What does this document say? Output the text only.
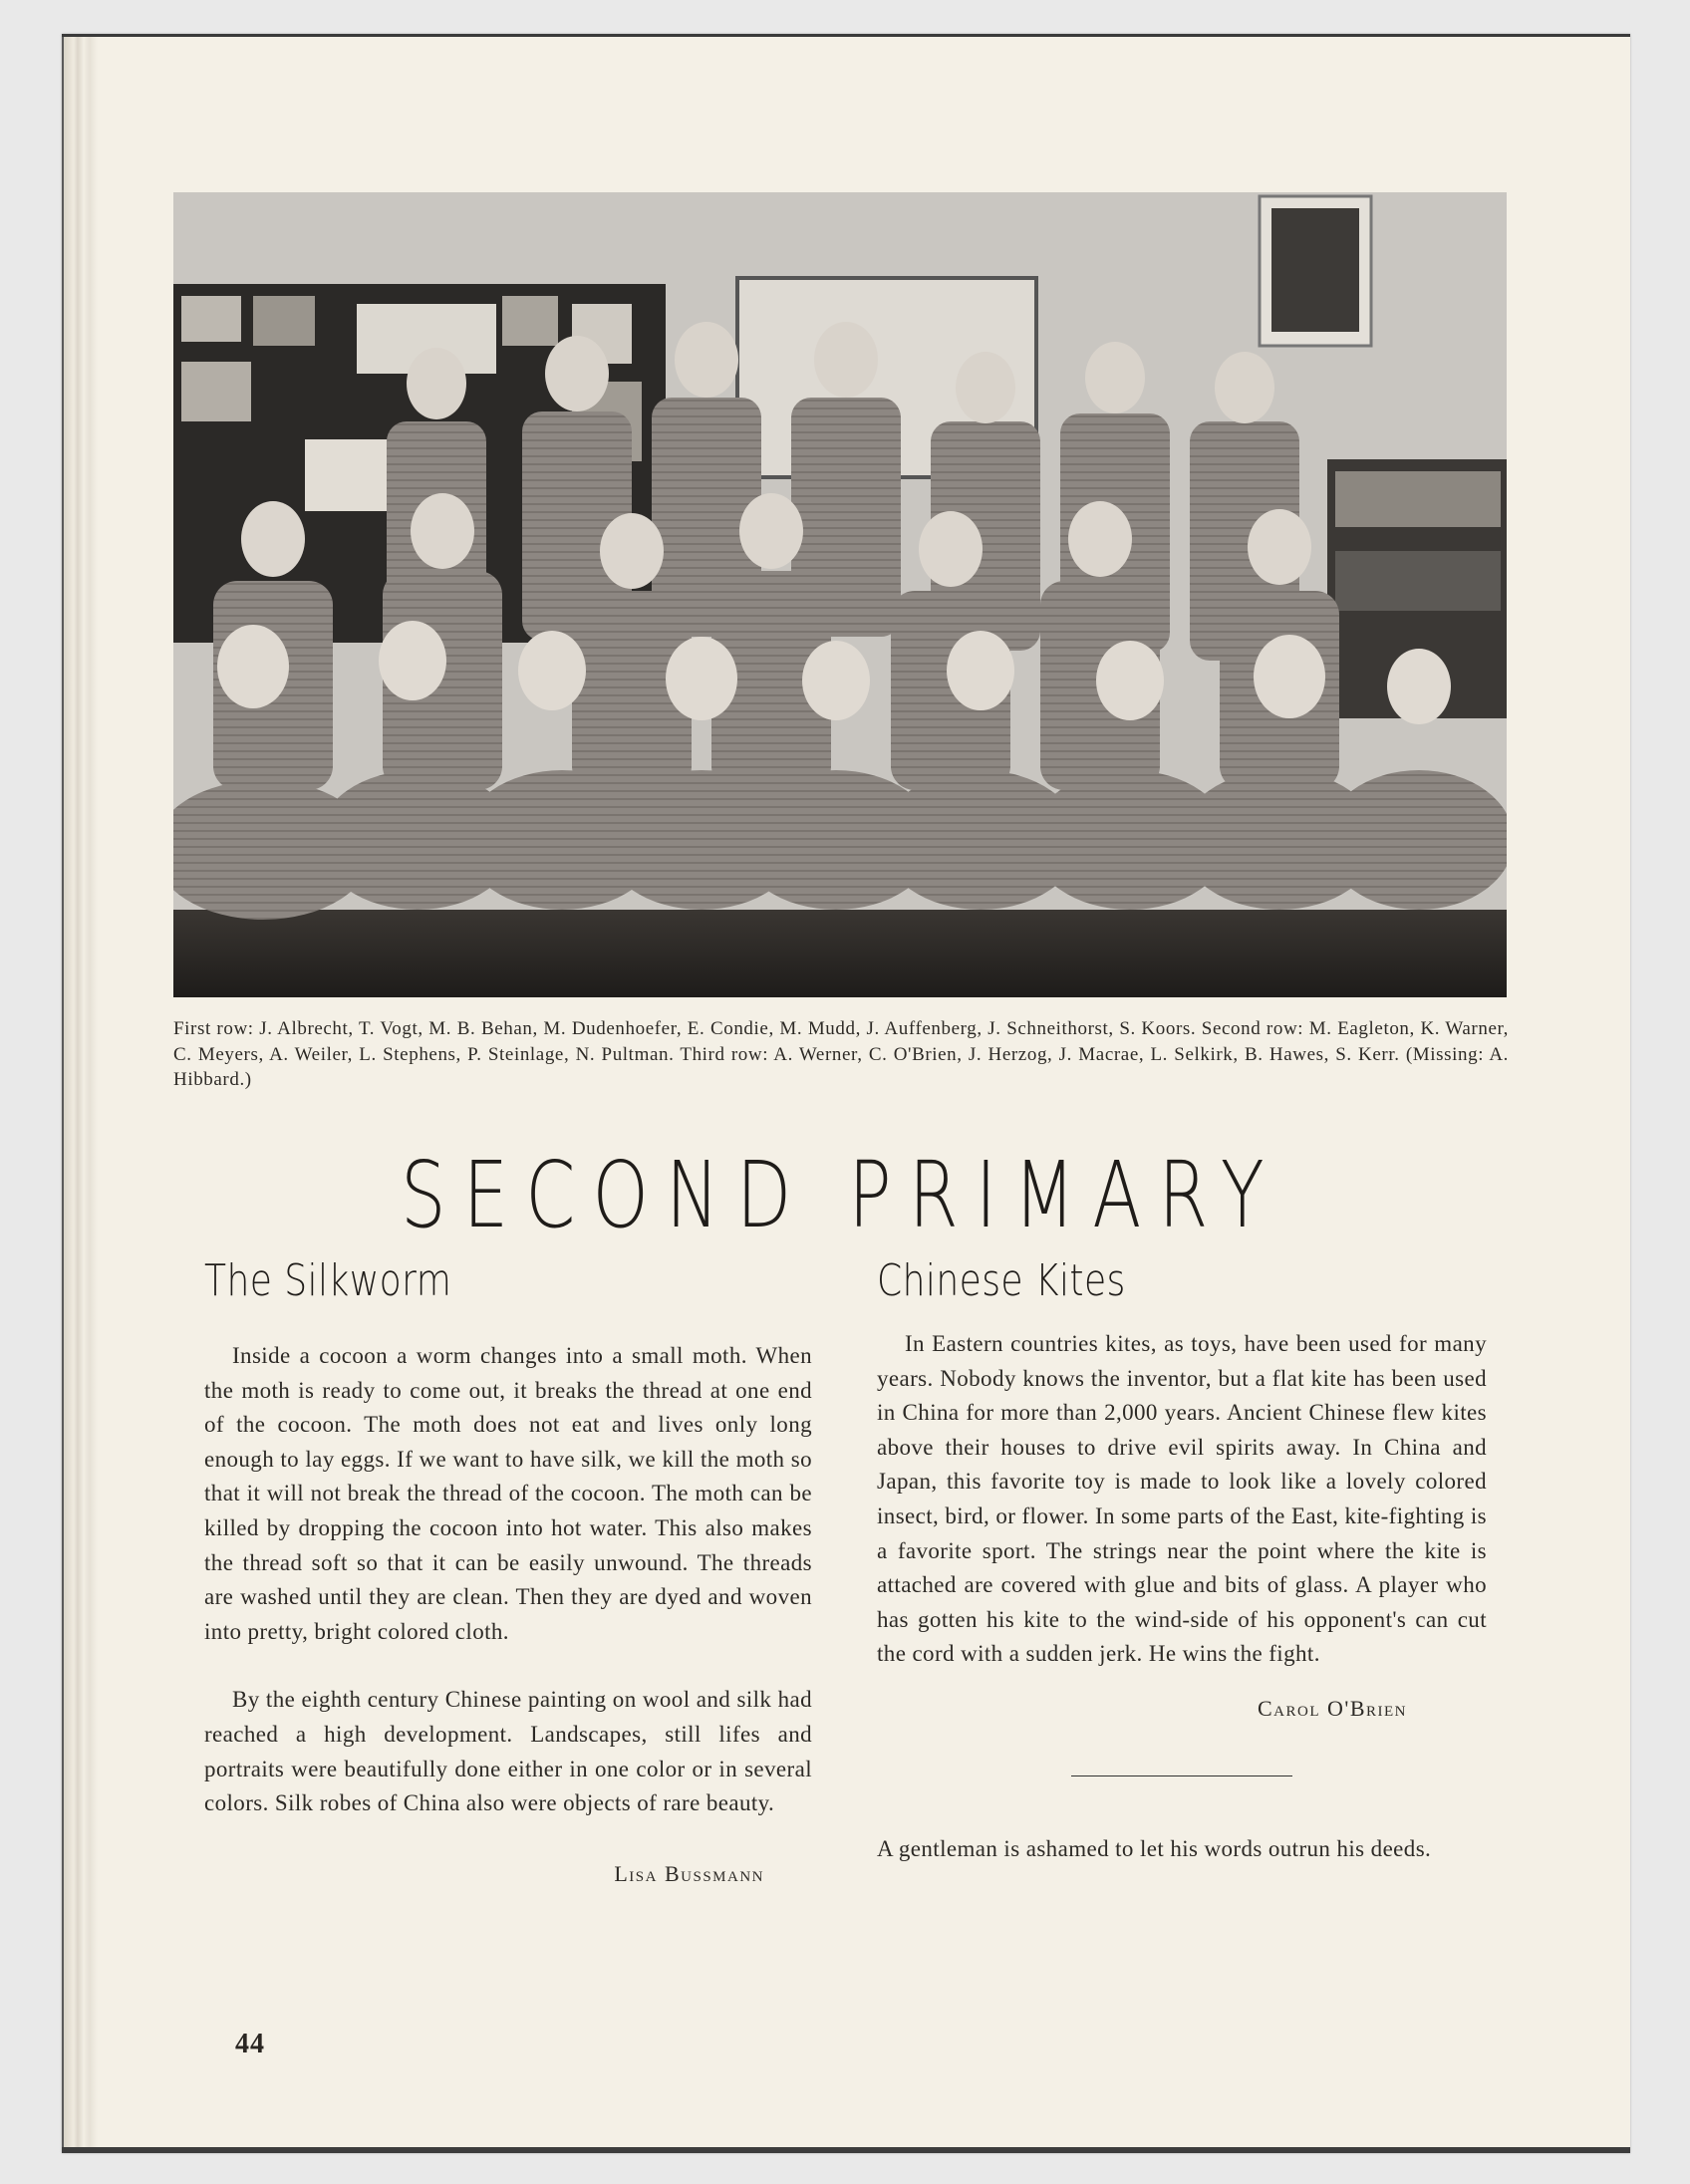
First row: J. Albrecht, T. Vogt, M. B. Behan, M. Dudenhoefer, E. Condie, M. Mudd, J. Auffenberg, J. Schneithorst, S. Koors. Second row: M. Eagleton, K. Warner, C. Meyers, A. Weiler, L. Stephens, P. Steinlage, N. Pultman. Third row: A. Werner, C. O'Brien, J. Herzog, J. Macrae, L. Selkirk, B. Hawes, S. Kerr. (Missing: A. Hibbard.)
SECOND PRIMARY
The Silkworm

Inside a cocoon a worm changes into a small moth. When the moth is ready to come out, it breaks the thread at one end of the cocoon. The moth does not eat and lives only long enough to lay eggs. If we want to have silk, we kill the moth so that it will not break the thread of the cocoon. The moth can be killed by dropping the cocoon into hot water. This also makes the thread soft so that it can be easily unwound. The threads are washed until they are clean. Then they are dyed and woven into pretty, bright colored cloth.

By the eighth century Chinese painting on wool and silk had reached a high development. Landscapes, still lifes and portraits were beautifully done either in one color or in several colors. Silk robes of China also were objects of rare beauty.

Lisa Bussmann
Chinese Kites

In Eastern countries kites, as toys, have been used for many years. Nobody knows the inventor, but a flat kite has been used in China for more than 2,000 years. Ancient Chinese flew kites above their houses to drive evil spirits away. In China and Japan, this favorite toy is made to look like a lovely colored insect, bird, or flower. In some parts of the East, kite-fighting is a favorite sport. The strings near the point where the kite is attached are covered with glue and bits of glass. A player who has gotten his kite to the wind-side of his opponent's can cut the cord with a sudden jerk. He wins the fight.

Carol O'Brien

A gentleman is ashamed to let his words outrun his deeds.

44
